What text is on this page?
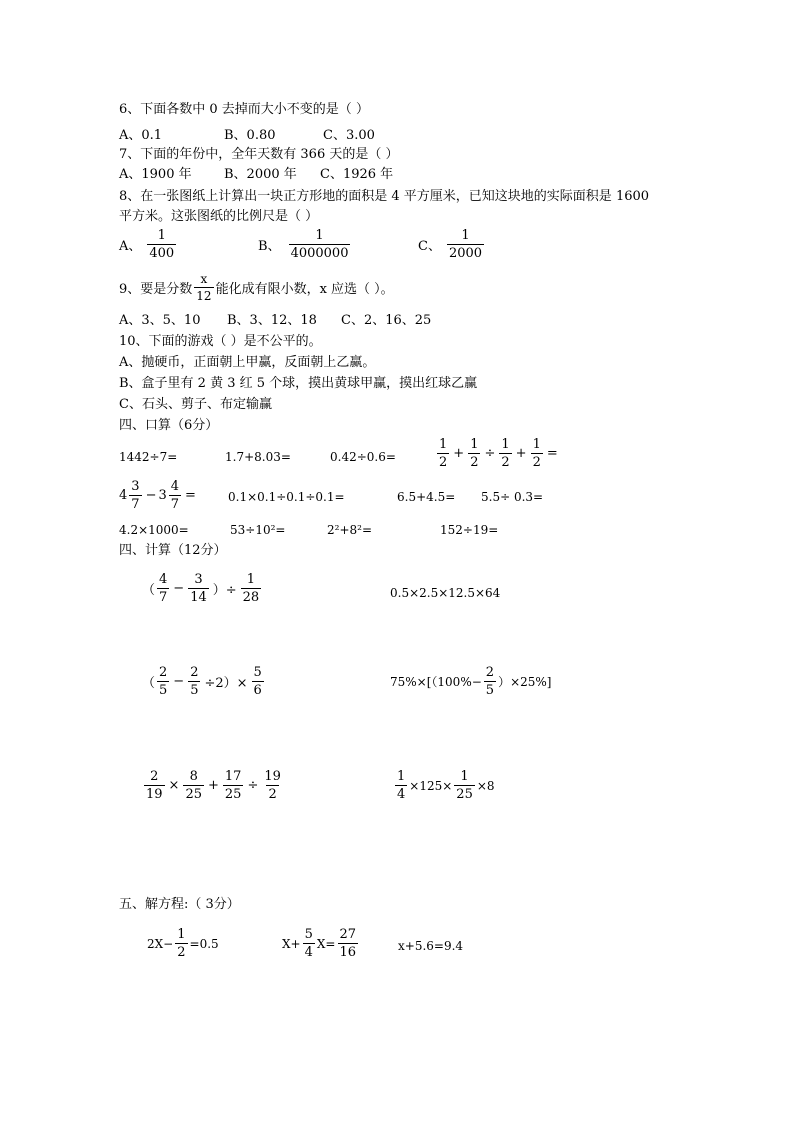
6、下面各数中 0 去掉而大小不变的是（ ）
A、0.1	B、0.80	C、3.00
7、下面的年份中，全年天数有 366 天的是（ ）
A、1900 年 B、2000 年 C、1926 年
8、在一张图纸上计算出一块正方形地的面积是 4 平方厘米，已知这块地的实际面积是 1600
平方米。这张图纸的比例尺是（ ）
A、 $\frac{1}{400}$	B、 $\frac{1}{4000000}$	C、 $\frac{1}{2000}$
9、要是分数 $\frac{x}{12}$ 能化成有限小数，x 应选（ ）。
A、3、5、10 B、3、12、18 C、2、16、25
10、下面的游戏（ ）是不公平的。
A、抛硬币，正面朝上甲赢，反面朝上乙赢。
B、盒子里有 2 黄 3 红 5 个球，摸出黄球甲赢，摸出红球乙赢
C、石头、剪子、布定输赢
四、口算（6分）
1442÷7=	1.7+8.03=	0.42÷0.6=	$\frac{1}{2} + \frac{1}{2} \div \frac{1}{2} + \frac{1}{2}$ =
$4 \frac{3}{7} - 3 \frac{4}{7}$ =	0.1×0.1÷0.1÷0.1=	6.5+4.5= 5.5÷ 0.3=
4.2×1000=	53÷10²=	2²+8²=	152÷19=
四、计算（12分）
（ $\frac{4}{7} - \frac{3}{14}$ ）÷ $\frac{1}{28}$	0.5×2.5×12.5×64
（ $\frac{2}{5} - \frac{2}{5} \div 2)\times \frac{5}{6}$	$75\%\times[(100\%- \frac{2}{5} )\times 25\%]$
$\frac{2}{19} \times \frac{8}{25} + \frac{17}{25} \div \frac{19}{2}$	$\frac{1}{4} \times 125\times \frac{1}{25} \times 8$
五、解方程:（ 3分）
$2X- \frac{1}{2} =0.5$	$X+ \frac{5}{4} X= \frac{27}{16}$	x+5.6=9.4
